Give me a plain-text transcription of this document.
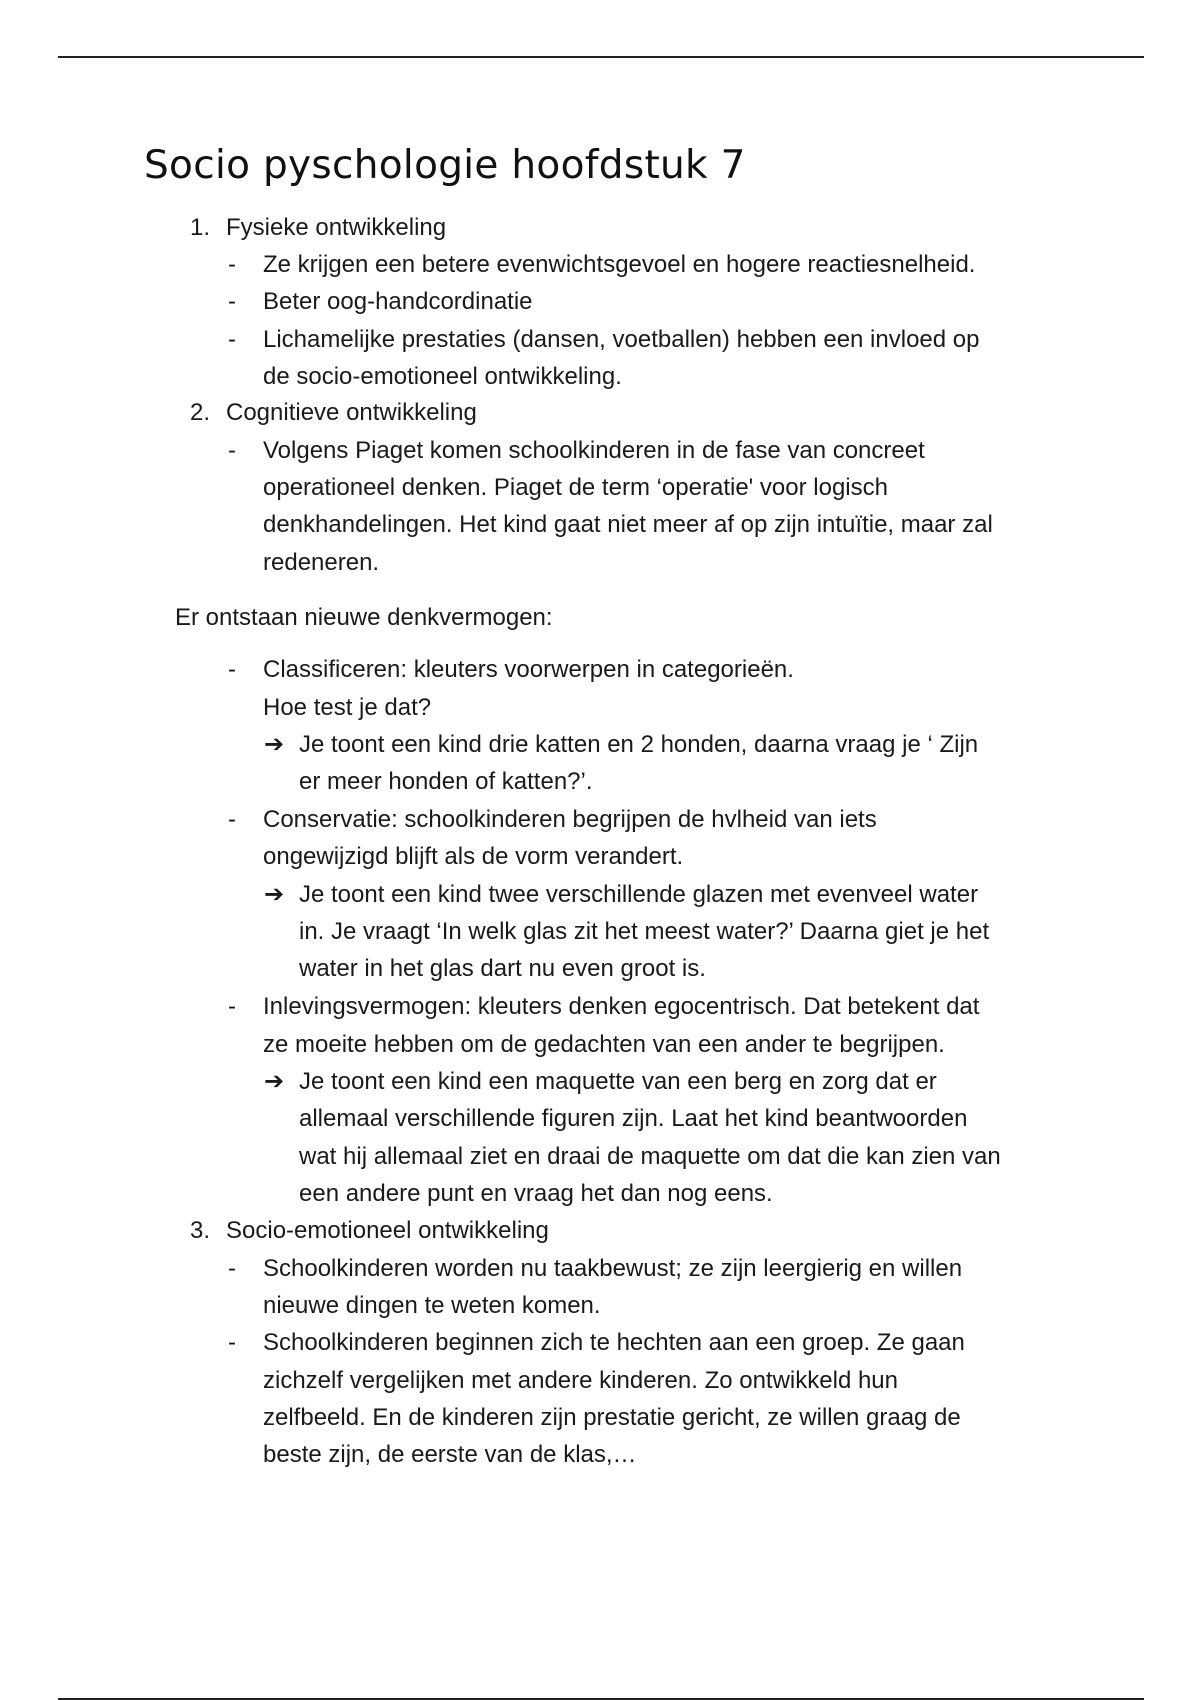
Socio pyschologie hoofdstuk 7
1. Fysieke ontwikkeling
- Ze krijgen een betere evenwichtsgevoel en hogere reactiesnelheid.
- Beter oog-handcordinatie
- Lichamelijke prestaties (dansen, voetballen) hebben een invloed op
de socio-emotioneel ontwikkeling.
2. Cognitieve ontwikkeling
- Volgens Piaget komen schoolkinderen in de fase van concreet
operationeel denken. Piaget de term ‘operatie' voor logisch
denkhandelingen. Het kind gaat niet meer af op zijn intuïtie, maar zal
redeneren.
Er ontstaan nieuwe denkvermogen:
- Classificeren: kleuters voorwerpen in categorieën.
Hoe test je dat?
➔ Je toont een kind drie katten en 2 honden, daarna vraag je ‘ Zijn
er meer honden of katten?’.
- Conservatie: schoolkinderen begrijpen de hvlheid van iets
ongewijzigd blijft als de vorm verandert.
➔ Je toont een kind twee verschillende glazen met evenveel water
in. Je vraagt ‘In welk glas zit het meest water?’ Daarna giet je het
water in het glas dart nu even groot is.
- Inlevingsvermogen: kleuters denken egocentrisch. Dat betekent dat
ze moeite hebben om de gedachten van een ander te begrijpen.
➔ Je toont een kind een maquette van een berg en zorg dat er
allemaal verschillende figuren zijn. Laat het kind beantwoorden
wat hij allemaal ziet en draai de maquette om dat die kan zien van
een andere punt en vraag het dan nog eens.
3. Socio-emotioneel ontwikkeling
- Schoolkinderen worden nu taakbewust; ze zijn leergierig en willen
nieuwe dingen te weten komen.
- Schoolkinderen beginnen zich te hechten aan een groep. Ze gaan
zichzelf vergelijken met andere kinderen. Zo ontwikkeld hun
zelfbeeld. En de kinderen zijn prestatie gericht, ze willen graag de
beste zijn, de eerste van de klas,…
